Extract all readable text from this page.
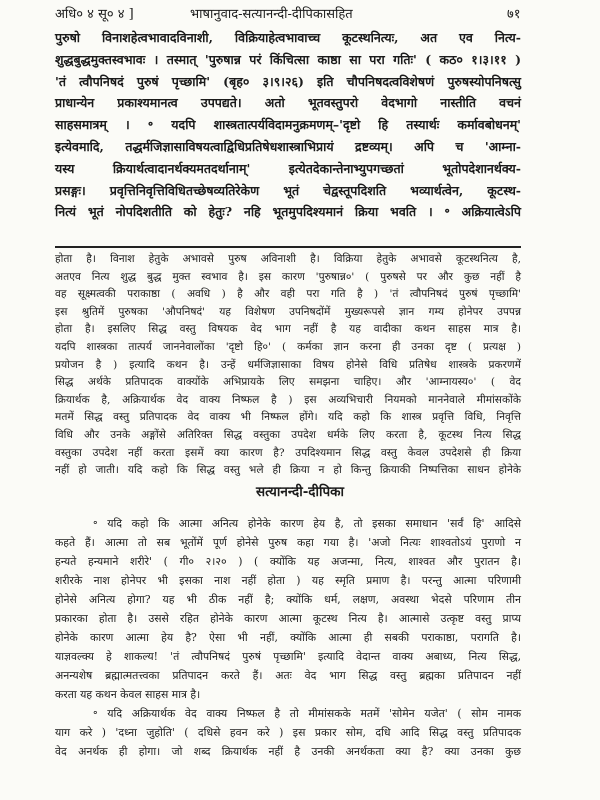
अधि० ४ सू० ४ ]	भाषानुवाद-सत्यानन्दी-दीपिकासहित	७१
पुरुषो विनाशहेत्वभावादविनाशी, विक्रियाहेत्वभावाच्च कूटस्थनित्यः, अत एव नित्य-
शुद्धबुद्धमुक्तस्वभावः । तस्मात् 'पुरुषान्न परं किंचित्सा काष्ठा सा परा गतिः' ( कठ० १।३।११ )
'तं त्वौपनिषदं पुरुषं पृच्छामि' (बृह० ३।९।२६) इति चौपनिषदत्वविशेषणं पुरुषस्योपनिषत्सु
प्राधान्येन प्रकाश्यमानत्व उपपद्यते। अतो भूतवस्तुपरो वेदभागो नास्तीति वचनं
साहसमात्रम् । ॰ यदपि शास्त्रतात्पर्यविदामनुक्रमणम्–'दृष्टो हि तस्यार्थः कर्मावबोधनम्'
इत्येवमादि, तद्धर्मजिज्ञासाविषयत्वाद्विधिप्रतिषेधशास्त्राभिप्रायं द्रष्टव्यम्। अपि च 'आम्ना-
यस्य क्रियार्थत्वादानर्थक्यमतदर्थानाम्' इत्येतदेकान्तेनाभ्युपगच्छतां भूतोपदेशानर्थक्य-
प्रसङ्गः। प्रवृत्तिनिवृत्तिविधितच्छेषव्यतिरेकेण भूतं चेद्वस्तूपदिशति भव्यार्थत्वेन, कूटस्थ-
नित्यं भूतं नोपदिशतीति को हेतुः? नहि भूतमुपदिश्यमानं क्रिया भवति । ॰ अक्रियात्वेऽपि
होता है। विनाश हेतुके अभावसे पुरुष अविनाशी है। विक्रिया हेतुके अभावसे कूटस्थनित्य है,
अतएव नित्य शुद्ध बुद्ध मुक्त स्वभाव है। इस कारण 'पुरुषान्न०' ( पुरुषसे पर और कुछ नहीं है
वह सूक्ष्मत्वकी पराकाष्ठा ( अवधि ) है और वही परा गति है ) 'तं त्वौपनिषदं पुरुषं पृच्छामि'
इस श्रुतिमें पुरुषका 'औपनिषदं' यह विशेषण उपनिषदोंमें मुख्यरूपसे ज्ञान गम्य होनेपर उपपन्न
होता है। इसलिए सिद्ध वस्तु विषयक वेद भाग नहीं है यह वादीका कथन साहस मात्र है।
यदपि शास्त्रका तात्पर्य जाननेवालोंका 'दृष्टो हि०' ( कर्मका ज्ञान करना ही उनका दृष्ट ( प्रत्यक्ष )
प्रयोजन है ) इत्यादि कथन है। उन्हें धर्मजिज्ञासाका विषय होनेसे विधि प्रतिषेध शास्त्रके प्रकरणमें
सिद्ध अर्थके प्रतिपादक वाक्योंके अभिप्रायके लिए समझना चाहिए। और 'आम्नायस्य०' ( वेद
क्रियार्थक है, अक्रियार्थक वेद वाक्य निष्फल है ) इस अव्यभिचारी नियमको माननेवाले मीमांसकोंके
मतमें सिद्ध वस्तु प्रतिपादक वेद वाक्य भी निष्फल होंगे। यदि कहो कि शास्त्र प्रवृत्ति विधि, निवृत्ति
विधि और उनके अङ्गोंसे अतिरिक्त सिद्ध वस्तुका उपदेश धर्मके लिए करता है, कूटस्थ नित्य सिद्ध
वस्तुका उपदेश नहीं करता इसमें क्या कारण है? उपदिश्यमान सिद्ध वस्तु केवल उपदेशसे ही क्रिया
नहीं हो जाती। यदि कहो कि सिद्ध वस्तु भले ही क्रिया न हो किन्तु क्रियाकी निष्पत्तिका साधन होनेके
सत्यानन्दी-दीपिका
॰ यदि कहो कि आत्मा अनित्य होनेके कारण हेय है, तो इसका समाधान 'सर्वं हि' आदिसे
कहते हैं। आत्मा तो सब भूतोंमें पूर्ण होनेसे पुरुष कहा गया है। 'अजो नित्यः शाश्वतोऽयं पुराणो न
हन्यते हन्यमाने शरीरे' ( गी० २।२० ) ( क्योंकि यह अजन्मा, नित्य, शाश्वत और पुरातन है।
शरीरके नाश होनेपर भी इसका नाश नहीं होता ) यह स्मृति प्रमाण है। परन्तु आत्मा परिणामी
होनेसे अनित्य होगा? यह भी ठीक नहीं है; क्योंकि धर्म, लक्षण, अवस्था भेदसे परिणाम तीन
प्रकारका होता है। उससे रहित होनेके कारण आत्मा कूटस्थ नित्य है। आत्मासे उत्कृष्ट वस्तु प्राप्य
होनेके कारण आत्मा हेय है? ऐसा भी नहीं, क्योंकि आत्मा ही सबकी पराकाष्ठा, परागति है।
याज्ञवल्क्य हे शाकल्य! 'तं त्वौपनिषदं पुरुषं पृच्छामि' इत्यादि वेदान्त वाक्य अबाध्य, नित्य सिद्ध,
अनन्यशेष ब्रह्मात्मतत्त्वका प्रतिपादन करते हैं। अतः वेद भाग सिद्ध वस्तु ब्रह्मका प्रतिपादन नहीं
करता यह कथन केवल साहस मात्र है।
॰ यदि अक्रियार्थक वेद वाक्य निष्फल है तो मीमांसकके मतमें 'सोमेन यजेत' ( सोम नामक
याग करे ) 'दध्ना जुहोति' ( दधिसे हवन करे ) इस प्रकार सोम, दधि आदि सिद्ध वस्तु प्रतिपादक
वेद अनर्थक ही होगा। जो शब्द क्रियार्थक नहीं है उनकी अनर्थकता क्या है? क्या उनका कुछ
